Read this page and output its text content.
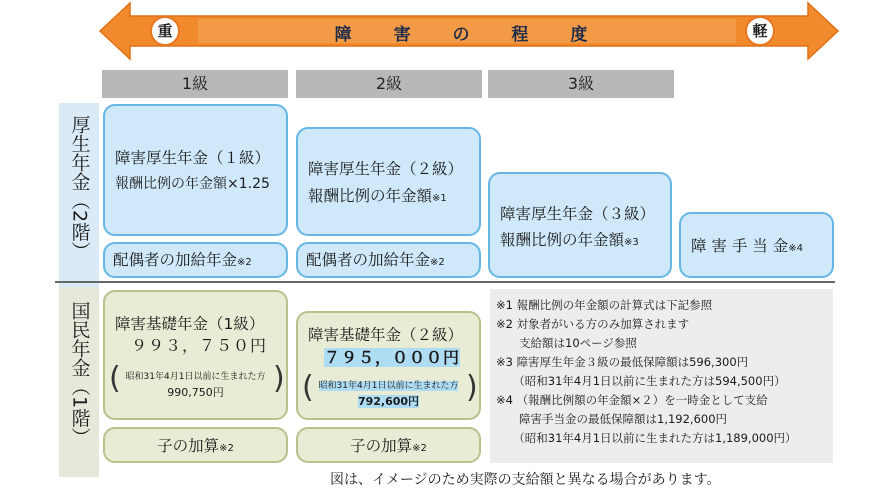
重	軽
障 害 の 程 度
1級	2級	3級
厚生年金（2階）
国民年金（1階）
障害厚生年金（１級）
報酬比例の年金額×1.25
配偶者の加給年金※2
障害厚生年金（２級）
報酬比例の年金額※1
配偶者の加給年金※2
障害厚生年金（３級）
報酬比例の年金額※3	障 害 手 当 金※4
障害基礎年金（1級）
９９３，７５０円
(	)
昭和31年4月1日以前に生まれた方
990,750円
子の加算※2
障害基礎年金（２級）
７９５，０００円
(	)
昭和31年4月1日以前に生まれた方
792,600円
子の加算※2
※1 報酬比例の年金額の計算式は下記参照
※2 対象者がいる方のみ加算されます
　　支給額は10ページ参照
※3 障害厚生年金３級の最低保障額は596,300円
　　（昭和31年4月1日以前に生まれた方は594,500円）
※4 （報酬比例額の年金額×２）を一時金として支給
　　障害手当金の最低保障額は1,192,600円
　　（昭和31年4月1日以前に生まれた方は1,189,000円）
図は、イメージのため実際の支給額と異なる場合があります。
